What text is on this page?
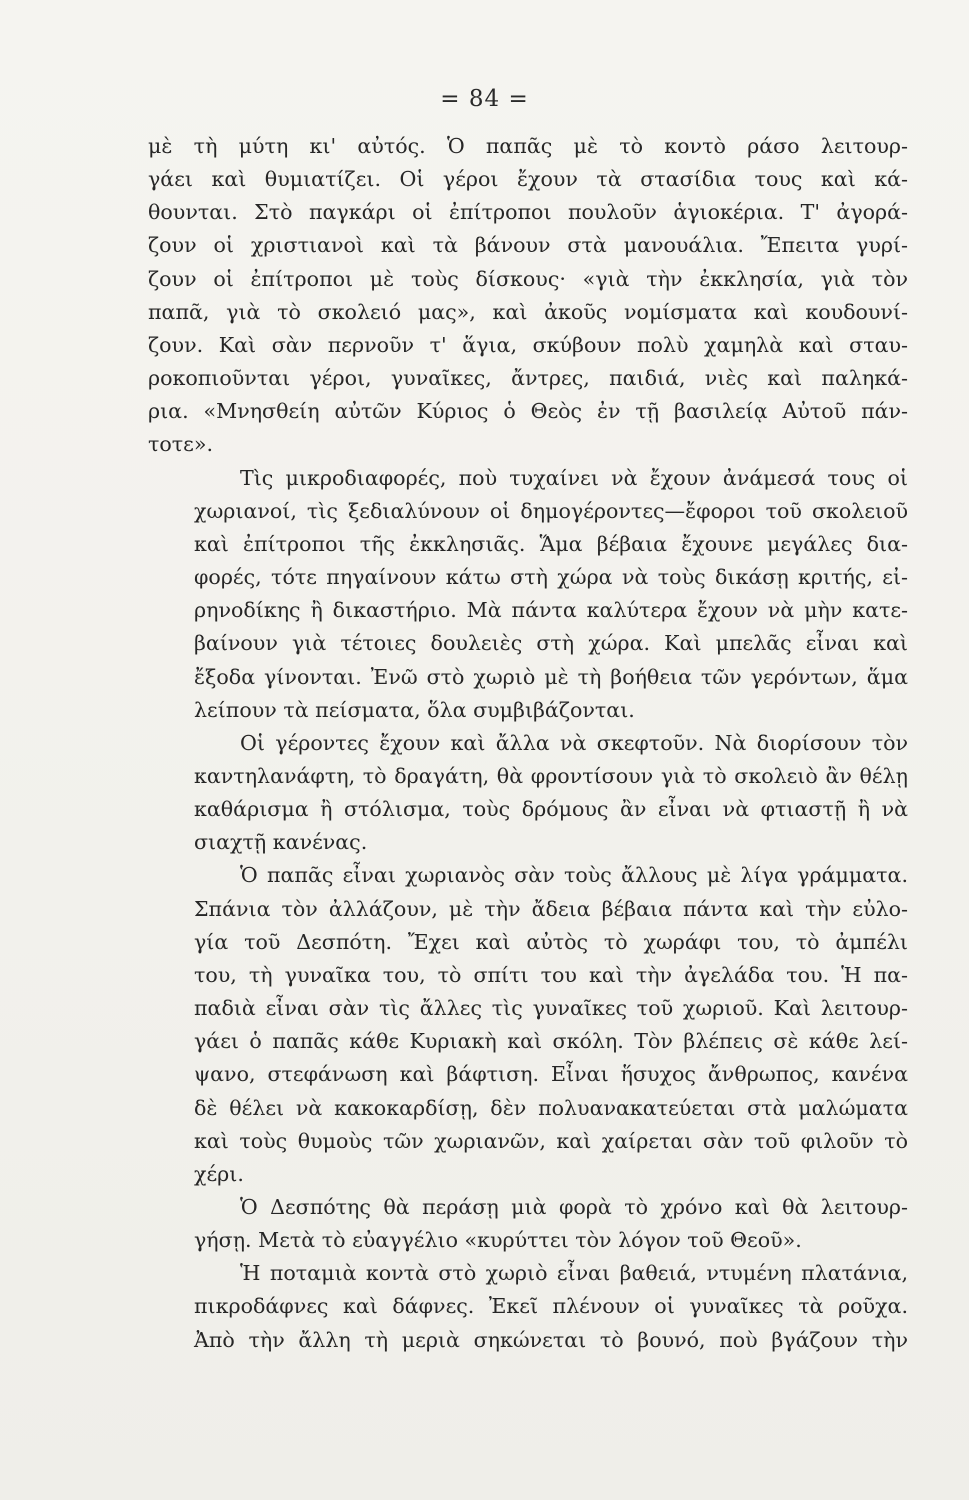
= 84 =
μὲ τὴ μύτη κι' αὐτός. Ὁ παπᾶς μὲ τὸ κοντὸ ράσο λειτουρ-
γάει καὶ θυμιατίζει. Οἱ γέροι ἔχουν τὰ στασίδια τους καὶ κά-
θουνται. Στὸ παγκάρι οἱ ἐπίτροποι πουλοῦν ἁγιοκέρια. Τ' ἀγορά-
ζουν οἱ χριστιανοὶ καὶ τὰ βάνουν στὰ μανουάλια. Ἔπειτα γυρί-
ζουν οἱ ἐπίτροποι μὲ τοὺς δίσκους· «γιὰ τὴν ἐκκλησία, γιὰ τὸν
παπᾶ, γιὰ τὸ σκολειό μας», καὶ ἀκοῦς νομίσματα καὶ κουδουνί-
ζουν. Καὶ σὰν περνοῦν τ' ἅγια, σκύβουν πολὺ χαμηλὰ καὶ σταυ-
ροκοπιοῦνται γέροι, γυναῖκες, ἄντρες, παιδιά, νιὲς καὶ παληκά-
ρια. «Μνησθείη αὐτῶν Κύριος ὁ Θεὸς ἐν τῇ βασιλείᾳ Αὐτοῦ πάν-
τοτε».
Τὶς μικροδιαφορές, ποὺ τυχαίνει νὰ ἔχουν ἀνάμεσά τους οἱ
χωριανοί, τὶς ξεδιαλύνουν οἱ δημογέροντες—ἔφοροι τοῦ σκολειοῦ
καὶ ἐπίτροποι τῆς ἐκκλησιᾶς. Ἅμα βέβαια ἔχουνε μεγάλες δια-
φορές, τότε πηγαίνουν κάτω στὴ χώρα νὰ τοὺς δικάσῃ κριτής, εἰ-
ρηνοδίκης ἢ δικαστήριο. Μὰ πάντα καλύτερα ἔχουν νὰ μὴν κατε-
βαίνουν γιὰ τέτοιες δουλειὲς στὴ χώρα. Καὶ μπελᾶς εἶναι καὶ
ἔξοδα γίνονται. Ἐνῶ στὸ χωριὸ μὲ τὴ βοήθεια τῶν γερόντων, ἅμα
λείπουν τὰ πείσματα, ὅλα συμβιβάζονται.
Οἱ γέροντες ἔχουν καὶ ἄλλα νὰ σκεφτοῦν. Νὰ διορίσουν τὸν
καντηλανάφτη, τὸ δραγάτη, θὰ φροντίσουν γιὰ τὸ σκολειὸ ἂν θέλῃ
καθάρισμα ἢ στόλισμα, τοὺς δρόμους ἂν εἶναι νὰ φτιαστῇ ἢ νὰ
σιαχτῇ κανένας.
Ὁ παπᾶς εἶναι χωριανὸς σὰν τοὺς ἄλλους μὲ λίγα γράμματα.
Σπάνια τὸν ἀλλάζουν, μὲ τὴν ἄδεια βέβαια πάντα καὶ τὴν εὐλο-
γία τοῦ Δεσπότη. Ἔχει καὶ αὐτὸς τὸ χωράφι του, τὸ ἀμπέλι
του, τὴ γυναῖκα του, τὸ σπίτι του καὶ τὴν ἀγελάδα του. Ἡ πα-
παδιὰ εἶναι σὰν τὶς ἄλλες τὶς γυναῖκες τοῦ χωριοῦ. Καὶ λειτουρ-
γάει ὁ παπᾶς κάθε Κυριακὴ καὶ σκόλη. Τὸν βλέπεις σὲ κάθε λεί-
ψανο, στεφάνωση καὶ βάφτιση. Εἶναι ἥσυχος ἄνθρωπος, κανένα
δὲ θέλει νὰ κακοκαρδίσῃ, δὲν πολυανακατεύεται στὰ μαλώματα
καὶ τοὺς θυμοὺς τῶν χωριανῶν, καὶ χαίρεται σὰν τοῦ φιλοῦν τὸ
χέρι.
Ὁ Δεσπότης θὰ περάσῃ μιὰ φορὰ τὸ χρόνο καὶ θὰ λειτουρ-
γήσῃ. Μετὰ τὸ εὐαγγέλιο «κυρύττει τὸν λόγον τοῦ Θεοῦ».
Ἡ ποταμιὰ κοντὰ στὸ χωριὸ εἶναι βαθειά, ντυμένη πλατάνια,
πικροδάφνες καὶ δάφνες. Ἐκεῖ πλένουν οἱ γυναῖκες τὰ ροῦχα.
Ἀπὸ τὴν ἄλλη τὴ μεριὰ σηκώνεται τὸ βουνό, ποὺ βγάζουν τὴν
